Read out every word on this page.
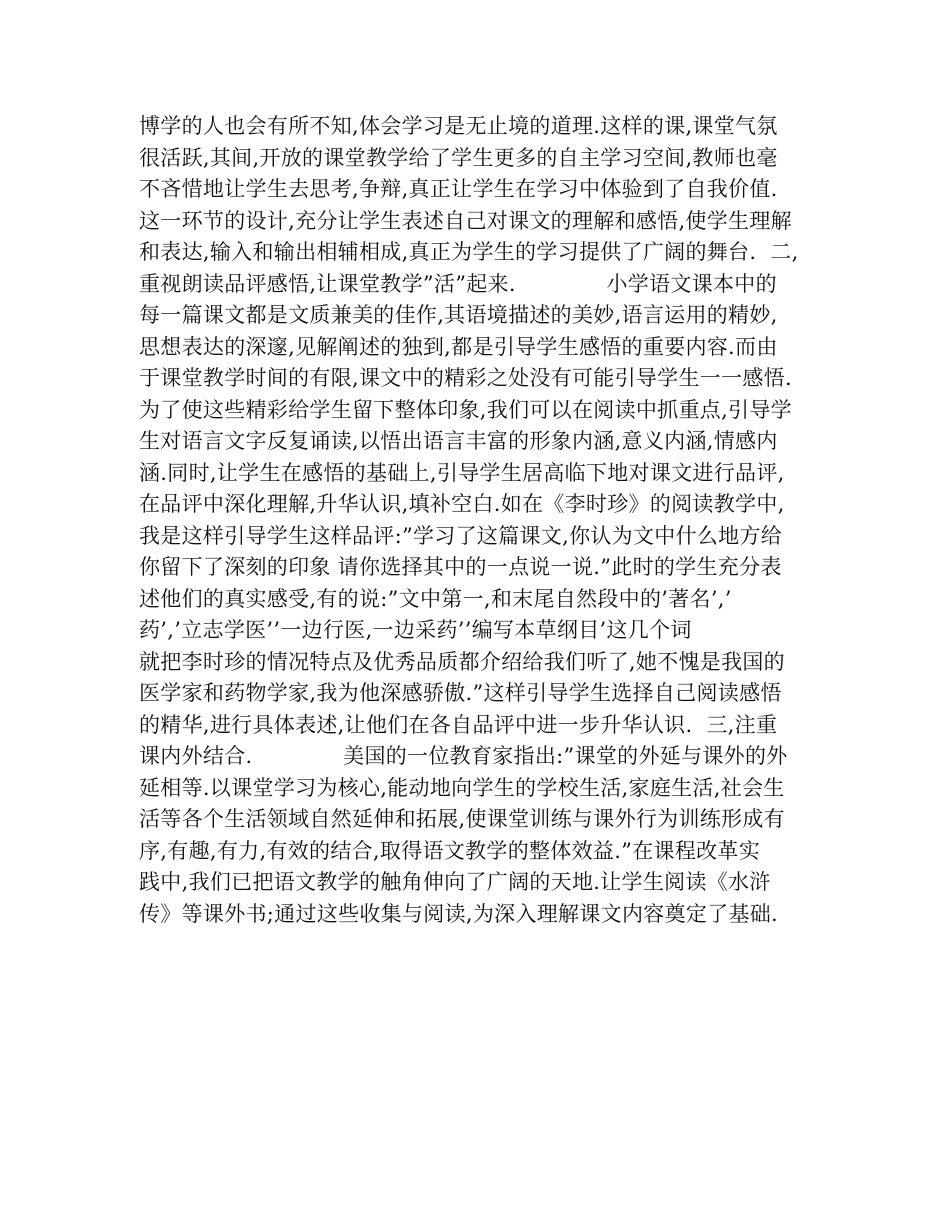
博学的人也会有所不知,体会学习是无止境的道理.这样的课,课堂气氛
很活跃,其间,开放的课堂教学给了学生更多的自主学习空间,教师也毫
不吝惜地让学生去思考,争辩,真正让学生在学习中体验到了自我价值.
这一环节的设计,充分让学生表述自己对课文的理解和感悟,使学生理解
和表达,输入和输出相辅相成,真正为学生的学习提供了广阔的舞台.  二,
重视朗读品评感悟,让课堂教学”活”起来.             小学语文课本中的
每一篇课文都是文质兼美的佳作,其语境描述的美妙,语言运用的精妙,
思想表达的深邃,见解阐述的独到,都是引导学生感悟的重要内容.而由
于课堂教学时间的有限,课文中的精彩之处没有可能引导学生一一感悟.
为了使这些精彩给学生留下整体印象,我们可以在阅读中抓重点,引导学
生对语言文字反复诵读,以悟出语言丰富的形象内涵,意义内涵,情感内
涵.同时,让学生在感悟的基础上,引导学生居高临下地对课文进行品评,
在品评中深化理解,升华认识,填补空白.如在《李时珍》的阅读教学中,
我是这样引导学生这样品评:”学习了这篇课文,你认为文中什么地方给
你留下了深刻的印象 请你选择其中的一点说一说.”此时的学生充分表
述他们的真实感受,有的说:”文中第一,和末尾自然段中的’著名’,’
药’,’立志学医’’一边行医,一边采药’’编写本草纲目’这几个词
就把李时珍的情况特点及优秀品质都介绍给我们听了,她不愧是我国的
医学家和药物学家,我为他深感骄傲.”这样引导学生选择自己阅读感悟
的精华,进行具体表述,让他们在各自品评中进一步升华认识.  三,注重
课内外结合.             美国的一位教育家指出:”课堂的外延与课外的外
延相等.以课堂学习为核心,能动地向学生的学校生活,家庭生活,社会生
活等各个生活领域自然延伸和拓展,使课堂训练与课外行为训练形成有
序,有趣,有力,有效的结合,取得语文教学的整体效益.”在课程改革实
践中,我们已把语文教学的触角伸向了广阔的天地.让学生阅读《水浒
传》等课外书;通过这些收集与阅读,为深入理解课文内容奠定了基础.
